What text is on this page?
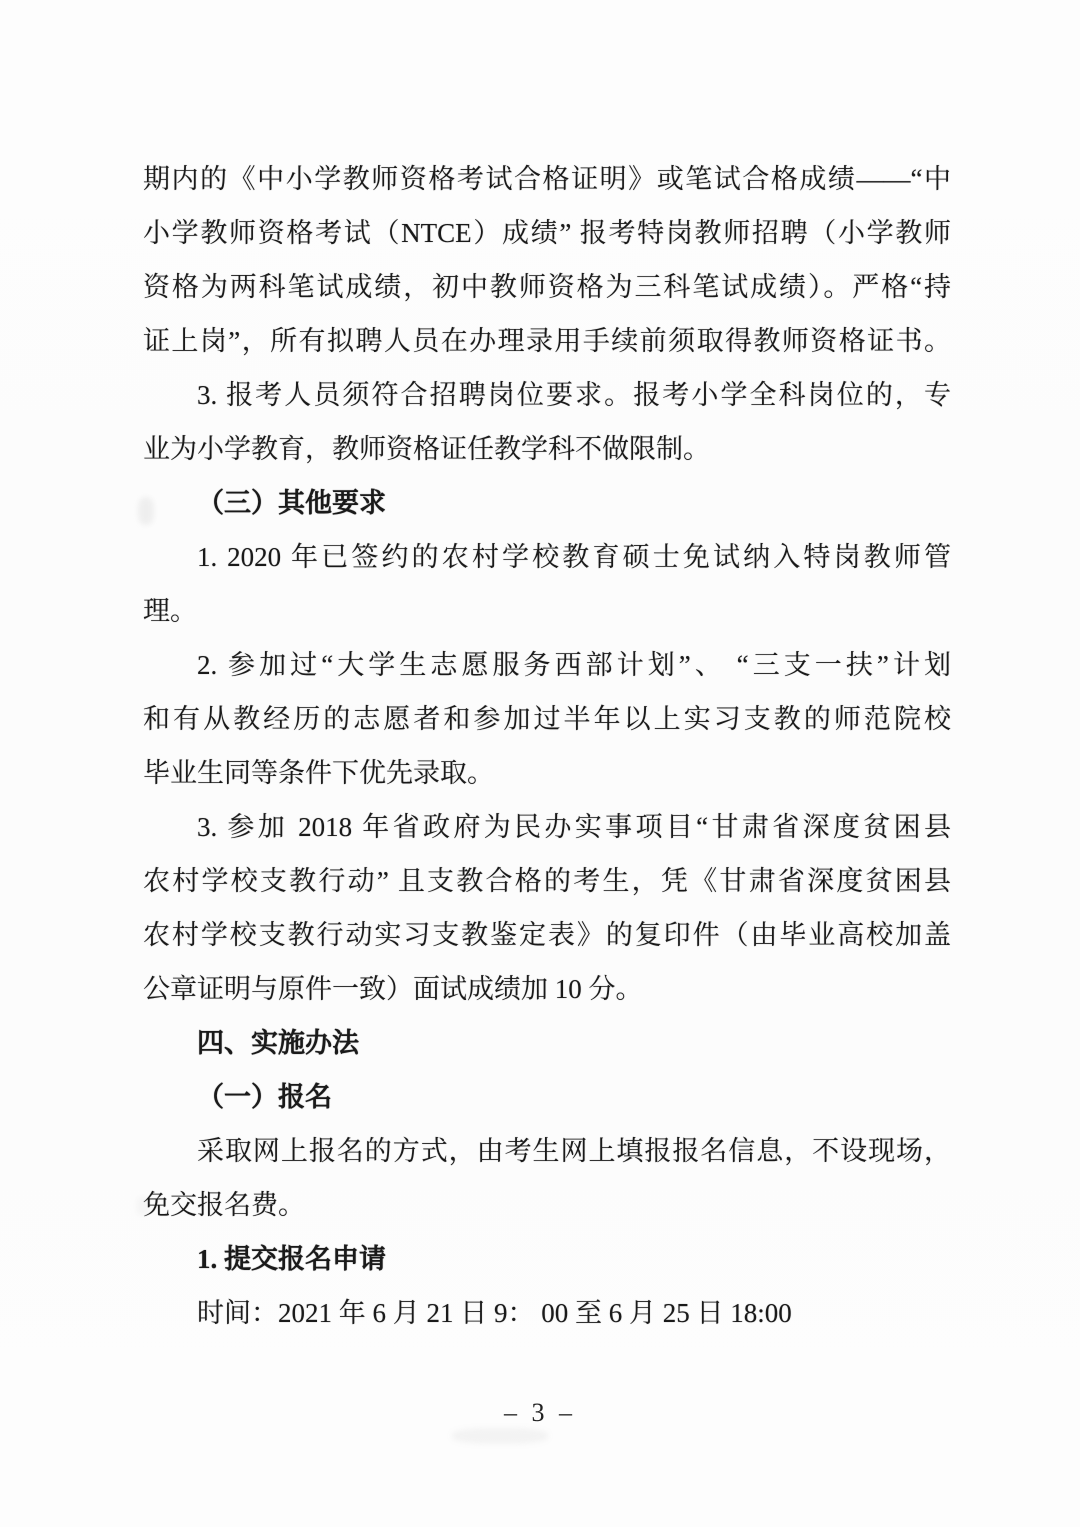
期内的《中小学教师资格考试合格证明》或笔试合格成绩——“中
小学教师资格考试（NTCE）成绩” 报考特岗教师招聘（小学教师
资格为两科笔试成绩，初中教师资格为三科笔试成绩）。严格“持
证上岗”，所有拟聘人员在办理录用手续前须取得教师资格证书。
3. 报考人员须符合招聘岗位要求。报考小学全科岗位的，专
业为小学教育，教师资格证任教学科不做限制。
（三）其他要求
1. 2020 年已签约的农村学校教育硕士免试纳入特岗教师管
理。
2. 参加过“大学生志愿服务西部计划”、 “三支一扶”计划
和有从教经历的志愿者和参加过半年以上实习支教的师范院校
毕业生同等条件下优先录取。
3. 参加 2018 年省政府为民办实事项目“甘肃省深度贫困县
农村学校支教行动” 且支教合格的考生，凭《甘肃省深度贫困县
农村学校支教行动实习支教鉴定表》的复印件（由毕业高校加盖
公章证明与原件一致）面试成绩加 10 分。
四、实施办法
（一）报名
采取网上报名的方式，由考生网上填报报名信息，不设现场，
免交报名费。
1. 提交报名申请
时间：2021 年 6 月 21 日 9： 00 至 6 月 25 日 18:00
– 3 –
